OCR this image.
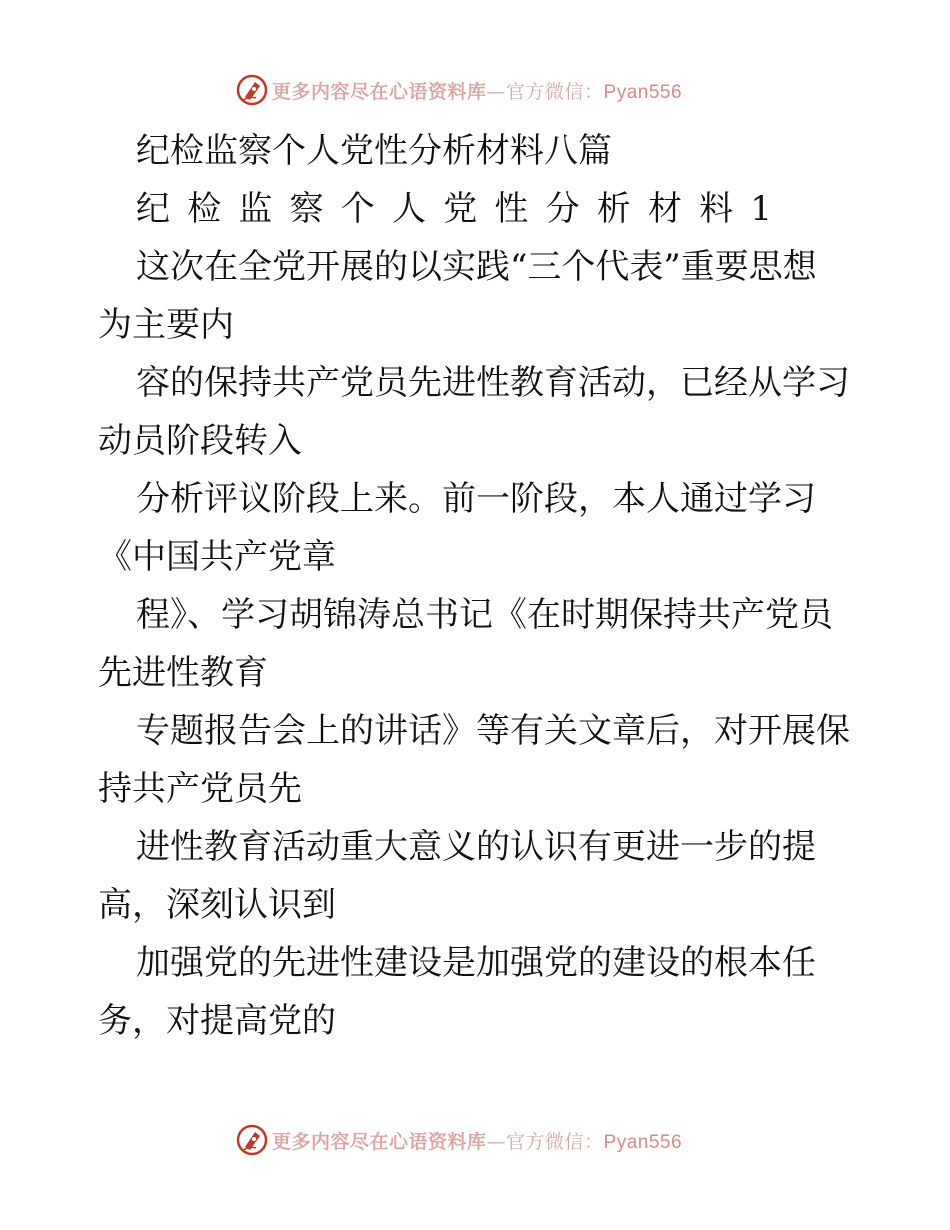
更多内容尽在心语资料库—官方微信：Pyan556

纪检监察个人党性分析材料八篇

纪检监察个人党性分析材料1

这次在全党开展的以实践“三个代表”重要思想

为主要内

容的保持共产党员先进性教育活动，已经从学习

动员阶段转入

分析评议阶段上来。前一阶段，本人通过学习

《中国共产党章

程》、学习胡锦涛总书记《在时期保持共产党员

先进性教育

专题报告会上的讲话》等有关文章后，对开展保

持共产党员先

进性教育活动重大意义的认识有更进一步的提

高，深刻认识到

加强党的先进性建设是加强党的建设的根本任

务，对提高党的

更多内容尽在心语资料库—官方微信：Pyan556
